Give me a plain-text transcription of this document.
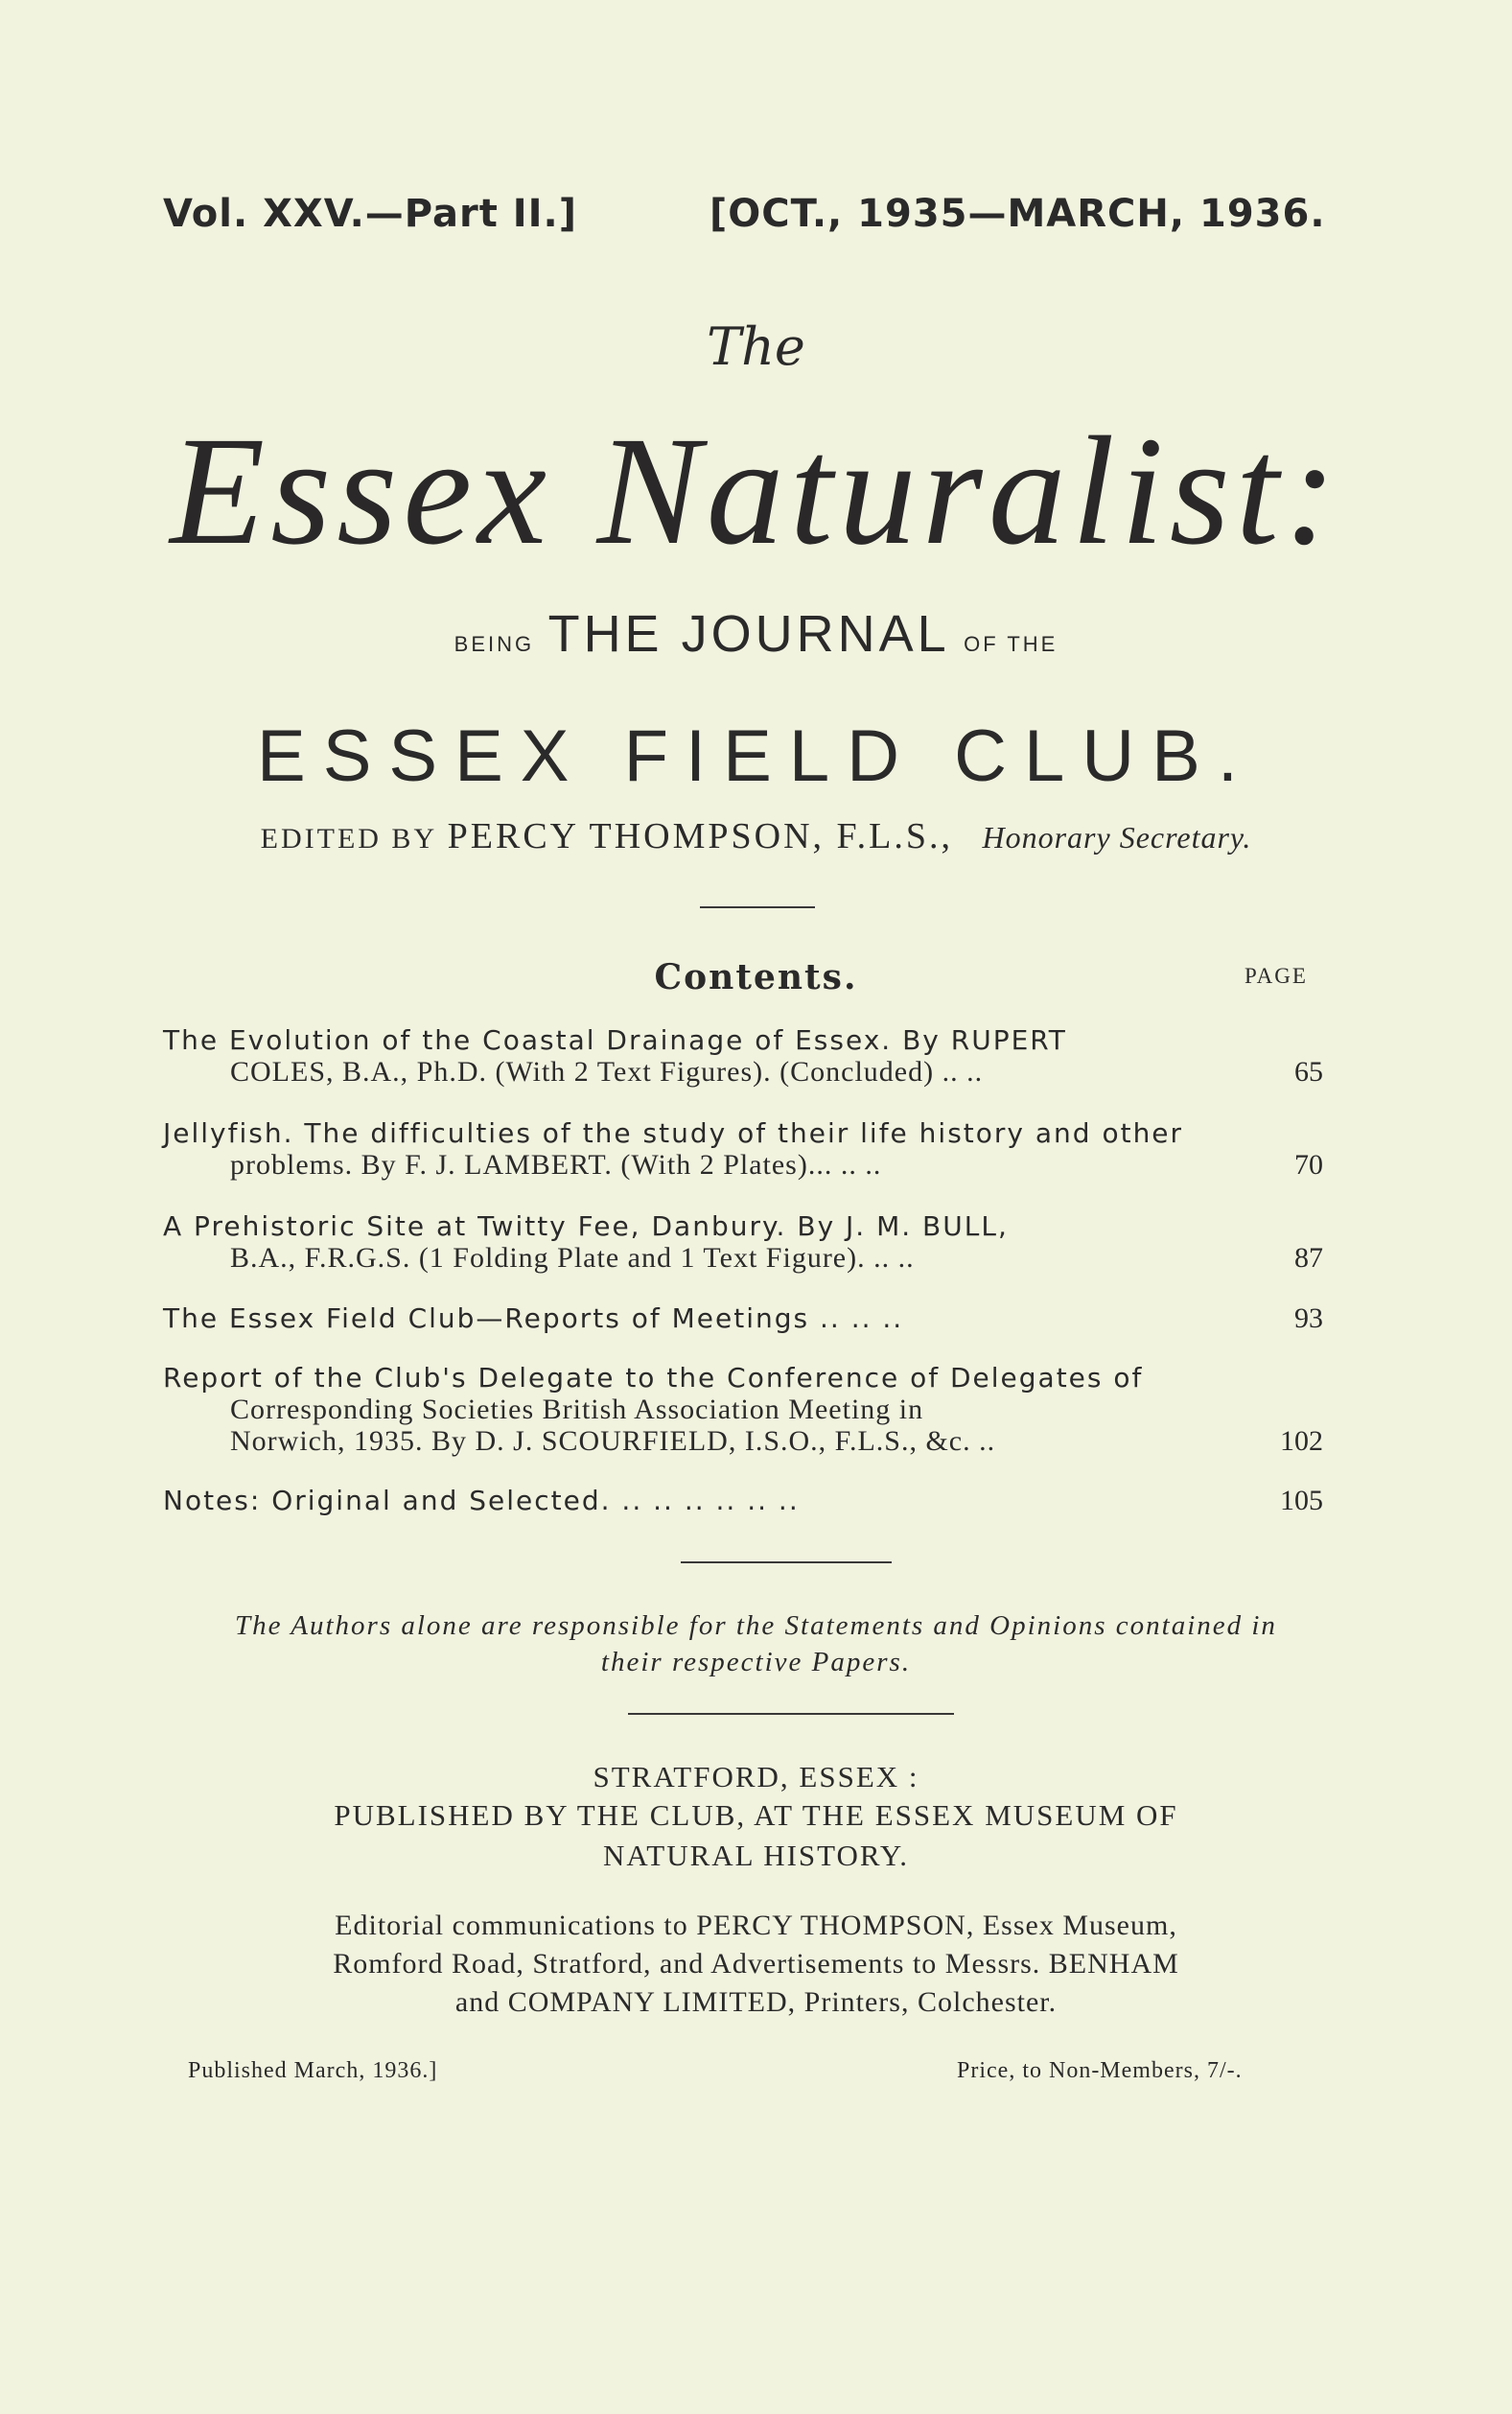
Vol. XXV.—Part II.]	[OCT., 1935—MARCH, 1936.
The
Essex Naturalist:
BEING THE JOURNAL OF THE
ESSEX FIELD CLUB.
EDITED BY PERCY THOMPSON, F.L.S., Honorary Secretary.
Contents.	PAGE
The Evolution of the Coastal Drainage of Essex. By RUPERT
COLES, B.A., Ph.D. (With 2 Text Figures). (Concluded) .. ..	65
Jellyfish. The difficulties of the study of their life history and other
problems. By F. J. LAMBERT. (With 2 Plates)... .. ..	70
A Prehistoric Site at Twitty Fee, Danbury. By J. M. BULL,
B.A., F.R.G.S. (1 Folding Plate and 1 Text Figure). .. ..	87
The Essex Field Club—Reports of Meetings .. .. ..	93
Report of the Club's Delegate to the Conference of Delegates of
Corresponding Societies British Association Meeting in
Norwich, 1935. By D. J. SCOURFIELD, I.S.O., F.L.S., &c. ..	102
Notes: Original and Selected. .. .. .. .. .. ..	105
The Authors alone are responsible for the Statements and Opinions contained in
their respective Papers.
STRATFORD, ESSEX :
PUBLISHED BY THE CLUB, AT THE ESSEX MUSEUM OF
NATURAL HISTORY.
Editorial communications to PERCY THOMPSON, Essex Museum,
Romford Road, Stratford, and Advertisements to Messrs. BENHAM
and COMPANY LIMITED, Printers, Colchester.
Published March, 1936.]	Price, to Non-Members, 7/-.
